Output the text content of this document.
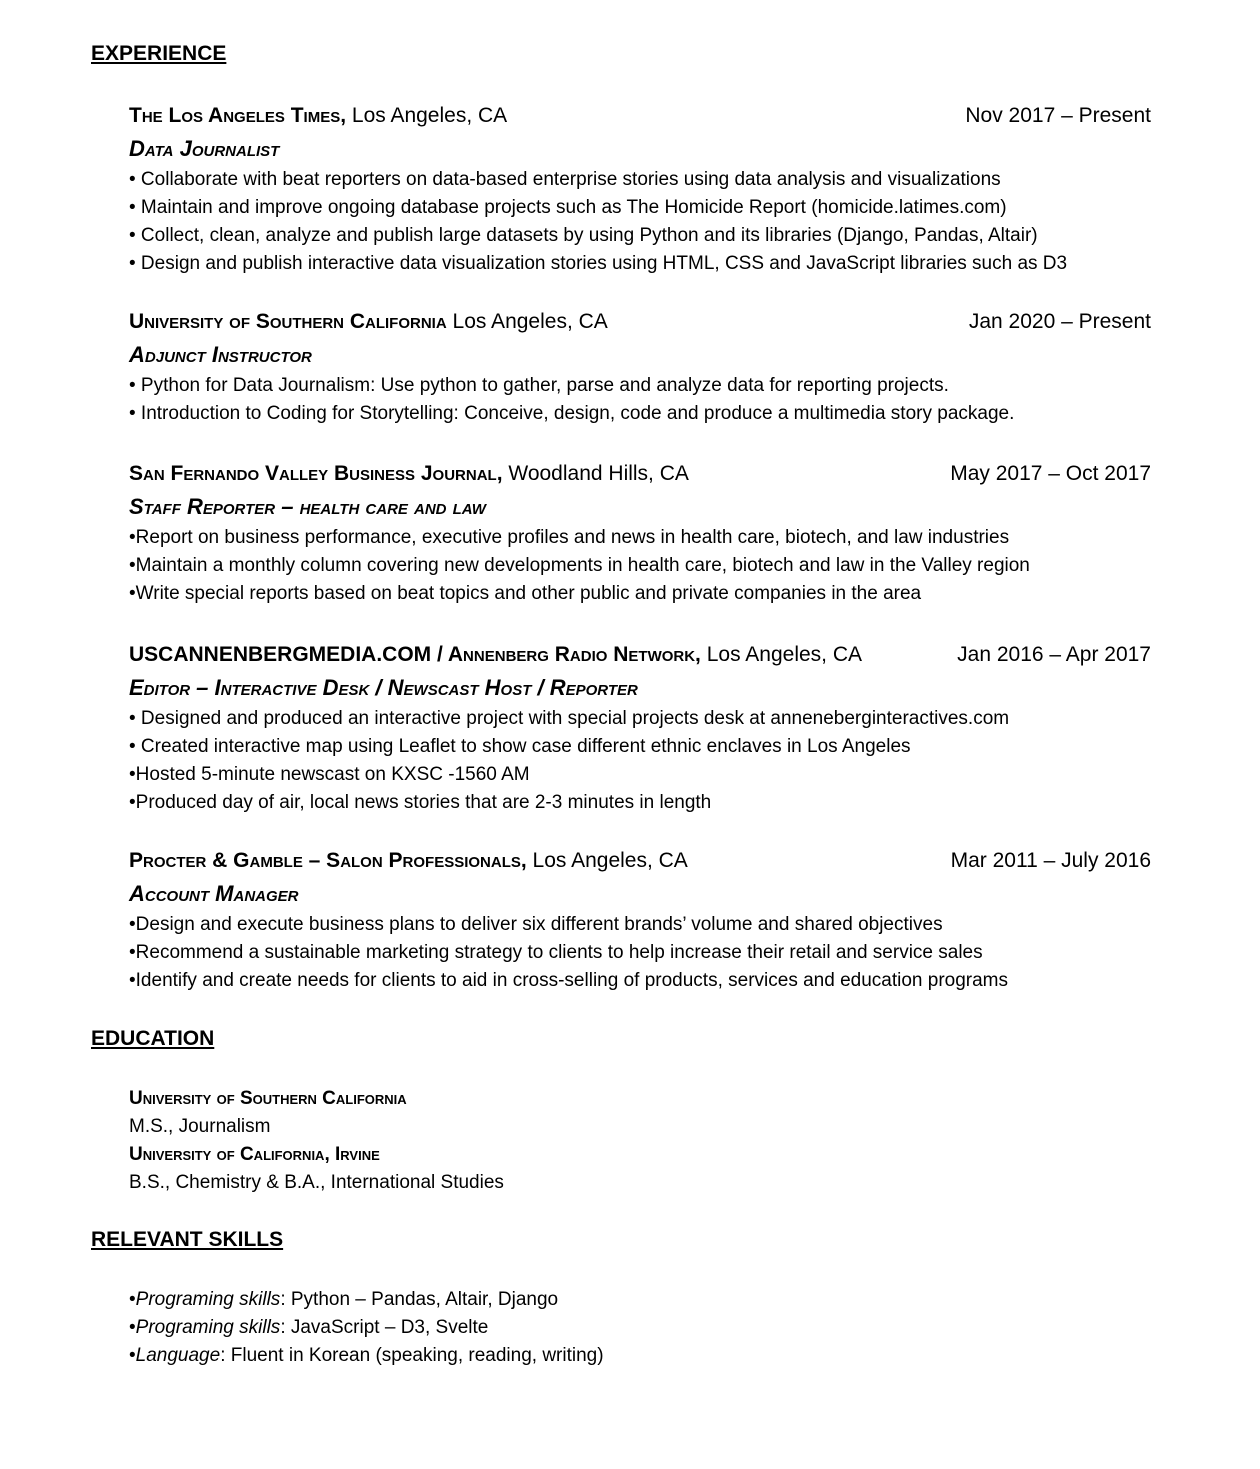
EXPERIENCE
The Los Angeles Times, Los Angeles, CA	Nov 2017 – Present
Data Journalist
• Collaborate with beat reporters on data-based enterprise stories using data analysis and visualizations
• Maintain and improve ongoing database projects such as The Homicide Report (homicide.latimes.com)
• Collect, clean, analyze and publish large datasets by using Python and its libraries (Django, Pandas, Altair)
• Design and publish interactive data visualization stories using HTML, CSS and JavaScript libraries such as D3
University of Southern California Los Angeles, CA	Jan 2020 – Present
Adjunct Instructor
• Python for Data Journalism: Use python to gather, parse and analyze data for reporting projects.
• Introduction to Coding for Storytelling: Conceive, design, code and produce a multimedia story package.
San Fernando Valley Business Journal, Woodland Hills, CA	May 2017 – Oct 2017
Staff Reporter – health care and law
•Report on business performance, executive profiles and news in health care, biotech, and law industries
•Maintain a monthly column covering new developments in health care, biotech and law in the Valley region
•Write special reports based on beat topics and other public and private companies in the area
USCANNENBERGMEDIA.COM / Annenberg Radio Network, Los Angeles, CA	Jan 2016 – Apr 2017
Editor – Interactive Desk / Newscast Host / Reporter
• Designed and produced an interactive project with special projects desk at anneneberginteractives.com
• Created interactive map using Leaflet to show case different ethnic enclaves in Los Angeles
•Hosted 5-minute newscast on KXSC -1560 AM
•Produced day of air, local news stories that are 2-3 minutes in length
Procter & Gamble – Salon Professionals, Los Angeles, CA	Mar 2011 – July 2016
Account Manager
•Design and execute business plans to deliver six different brands’ volume and shared objectives
•Recommend a sustainable marketing strategy to clients to help increase their retail and service sales
•Identify and create needs for clients to aid in cross-selling of products, services and education programs
EDUCATION
University of Southern California
M.S., Journalism
University of California, Irvine
B.S., Chemistry & B.A., International Studies
RELEVANT SKILLS
•Programing skills: Python – Pandas, Altair, Django
•Programing skills: JavaScript – D3, Svelte
•Language: Fluent in Korean (speaking, reading, writing)
